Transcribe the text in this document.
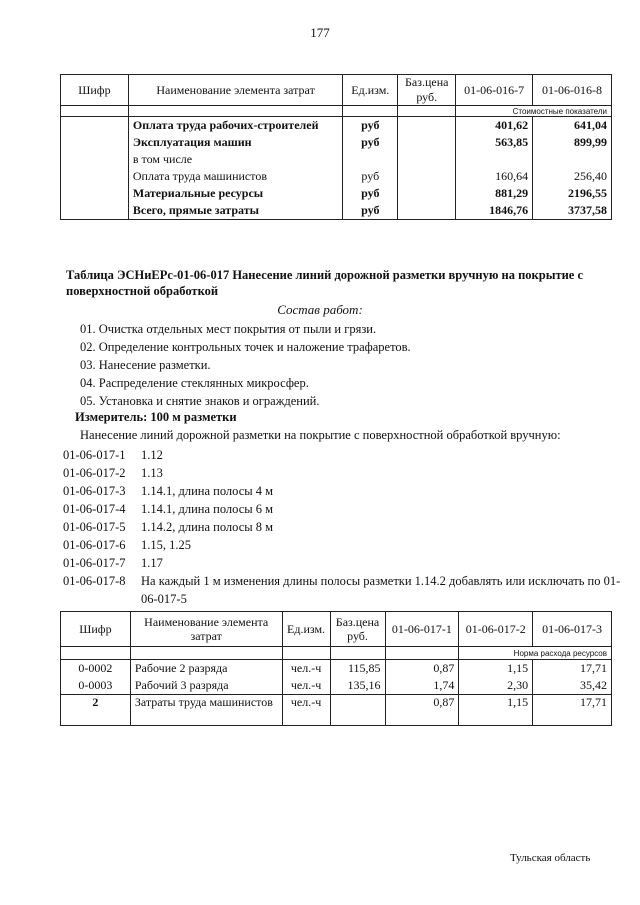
177
Шифр	Наименование элемента затрат	Ед.изм.	Баз.цена руб.	01-06-016-7	01-06-016-8
				Стоимостные показатели	
	Оплата труда рабочих-строителей	руб		401,62	641,04
	Эксплуатация машин	руб		563,85	899,99
	в том числе				
	Оплата труда машинистов	руб		160,64	256,40
	Материальные ресурсы	руб		881,29	2196,55
	Всего, прямые затраты	руб		1846,76	3737,58
Таблица ЭСНиЕРс-01-06-017 Нанесение линий дорожной разметки вручную на покрытие с поверхностной обработкой
Состав работ:
01. Очистка отдельных мест покрытия от пыли и грязи.
02. Определение контрольных точек и наложение трафаретов.
03. Нанесение разметки.
04. Распределение стеклянных микросфер.
05. Установка и снятие знаков и ограждений.
Измеритель: 100 м разметки
Нанесение линий дорожной разметки на покрытие с поверхностной обработкой вручную:
01-06-017-1	1.12
01-06-017-2	1.13
01-06-017-3	1.14.1, длина полосы 4 м
01-06-017-4	1.14.1, длина полосы 6 м
01-06-017-5	1.14.2, длина полосы 8 м
01-06-017-6	1.15, 1.25
01-06-017-7	1.17
01-06-017-8	На каждый 1 м изменения длины полосы разметки 1.14.2 добавлять или исключать по 01-06-017-5
Шифр	Наименование элемента затрат	Ед.изм.	Баз.цена руб.	01-06-017-1	01-06-017-2	01-06-017-3
					Норма расхода ресурсов	
0-0002	Рабочие 2 разряда	чел.-ч	115,85	0,87	1,15	17,71
0-0003	Рабочий 3 разряда	чел.-ч	135,16	1,74	2,30	35,42
2	Затраты труда машинистов	чел.-ч		0,87	1,15	17,71
Тульская область
